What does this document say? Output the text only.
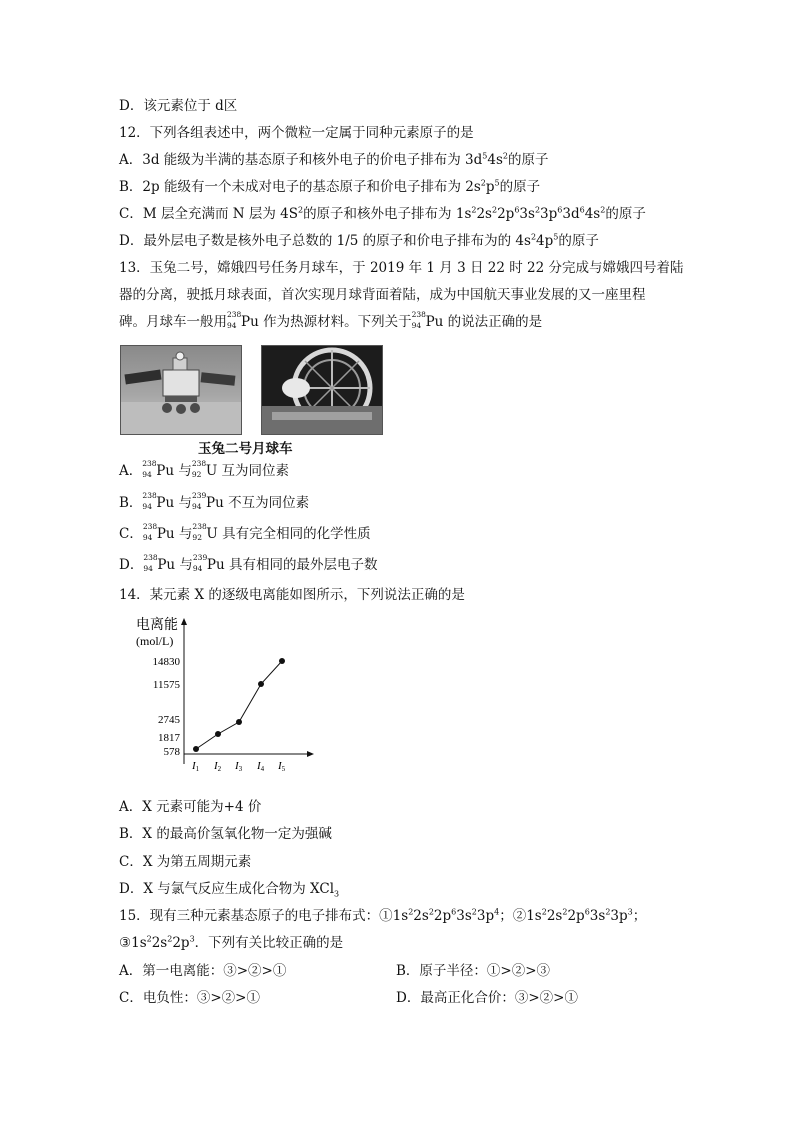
D．该元素位于 d区
12．下列各组表述中，两个微粒一定属于同种元素原子的是
A．3d 能级为半满的基态原子和核外电子的价电子排布为 $3d^54s^2$的原子
B．2p 能级有一个未成对电子的基态原子和价电子排布为 $2s^2p^5$的原子
C．M 层全充满而 N 层为 $4S^2$的原子和核外电子排布为 $1s^22s^22p^63s^23p^63d^64s^2$的原子
D．最外层电子数是核外电子总数的 1/5 的原子和价电子排布为的 $4s^24p^5$的原子
13．玉兔二号，嫦娥四号任务月球车，于 2019 年 1 月 3 日 22 时 22 分完成与嫦娥四号着陆
器的分离，驶抵月球表面，首次实现月球背面着陆，成为中国航天事业发展的又一座里程
碑。月球车一般用 238
94 Pu 作为热源材料。下列关于 238
94 Pu 的说法正确的是
玉兔二号月球车
A． 238
94 Pu 与 238
92 U 互为同位素
B． 238
94 Pu 与 239
94 Pu 不互为同位素
C． 238
94 Pu 与 238
92 U 具有完全相同的化学性质
D． 238
94 Pu 与 239
94 Pu 具有相同的最外层电子数
14．某元素 X 的逐级电离能如图所示，下列说法正确的是
电离能
(mol/L)
578
1817
2745
11575
14830
I1 I2 I3 I4 I5
A．X 元素可能为+4 价
B．X 的最高价氢氧化物一定为强碱
C．X 为第五周期元素
D．X 与氯气反应生成化合物为 XCl$_3$
15．现有三种元素基态原子的电子排布式：$①1s^22s^22p^63s^23p^4$；$②1s^22s^22p^63s^23p^3$；
$③1s^22s^22p^3$．下列有关比较正确的是
A．第一电离能：③>②>①	B．原子半径：①>②>③
C．电负性：③>②>①	D．最高正化合价：③>②>①
